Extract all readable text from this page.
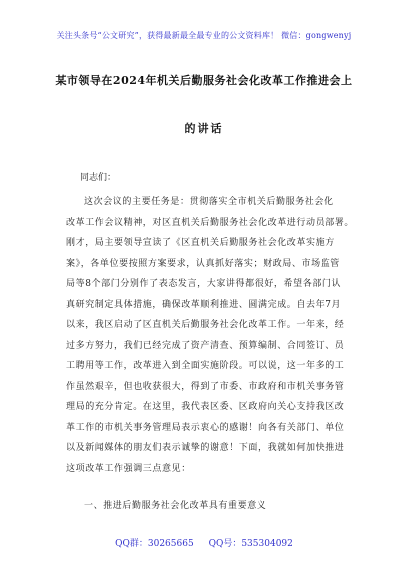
关注头条号“公文研究”，获得最新最全最专业的公文资料库！ 微信：gongwenyj
某市领导在2024年机关后勤服务社会化改革工作推进会上
的讲话
同志们：
这次会议的主要任务是：贯彻落实全市机关后勤服务社会化
改革工作会议精神，对区直机关后勤服务社会化改革进行动员部署。
刚才，局主要领导宣读了《区直机关后勤服务社会化改革实施方
案》，各单位要按照方案要求，认真抓好落实；财政局、市场监管
局等8个部门分别作了表态发言，大家讲得都很好，希望各部门认
真研究制定具体措施，确保改革顺利推进、圆满完成。自去年7月
以来，我区启动了区直机关后勤服务社会化改革工作。一年来，经
过多方努力，我们已经完成了资产清查、预算编制、合同签订、员
工聘用等工作，改革进入到全面实施阶段。可以说，这一年多的工
作虽然艰辛，但也收获很大，得到了市委、市政府和市机关事务管
理局的充分肯定。在这里，我代表区委、区政府向关心支持我区改
革工作的市机关事务管理局表示衷心的感谢！向各有关部门、单位
以及新闻媒体的朋友们表示诚挚的谢意！下面，我就如何加快推进
这项改革工作强调三点意见：
一、推进后勤服务社会化改革具有重要意义
QQ群：30265665 QQ号：535304092
